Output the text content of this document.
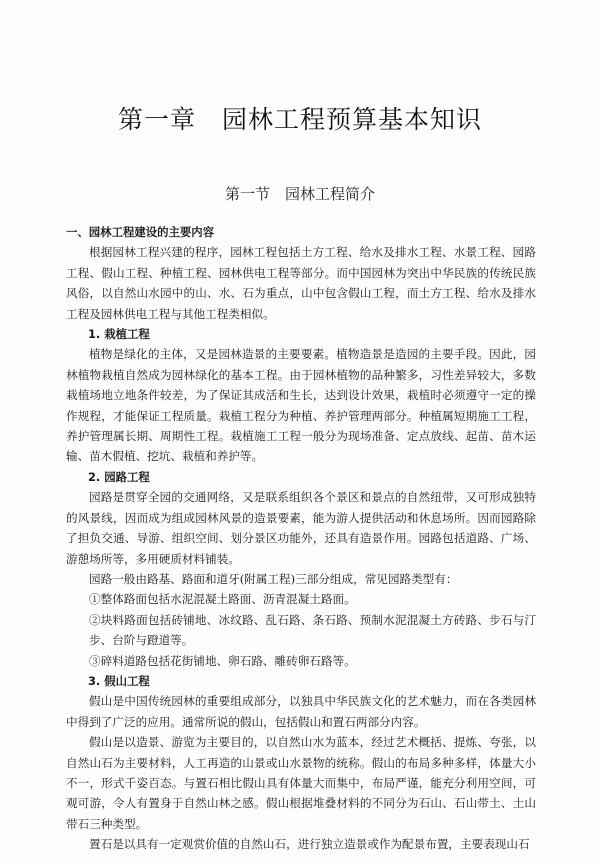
第一章　园林工程预算基本知识
第一节　园林工程简介

一、园林工程建设的主要内容

根据园林工程兴建的程序，园林工程包括土方工程、给水及排水工程、水景工程、园路工程、假山工程、种植工程、园林供电工程等部分。而中国园林为突出中华民族的传统民族风俗，以自然山水园中的山、水、石为重点，山中包含假山工程，而土方工程、给水及排水工程及园林供电工程与其他工程类相似。

1. 栽植工程

植物是绿化的主体，又是园林造景的主要要素。植物造景是造园的主要手段。因此，园林植物栽植自然成为园林绿化的基本工程。由于园林植物的品种繁多，习性差异较大，多数栽植场地立地条件较差，为了保证其成活和生长，达到设计效果，栽植时必须遵守一定的操作规程，才能保证工程质量。栽植工程分为种植、养护管理两部分。种植属短期施工工程，养护管理属长期、周期性工程。栽植施工工程一般分为现场准备、定点放线、起苗、苗木运输、苗木假植、挖坑、栽植和养护等。

2. 园路工程

园路是贯穿全园的交通网络，又是联系组织各个景区和景点的自然纽带，又可形成独特的风景线，因而成为组成园林风景的造景要素，能为游人提供活动和休息场所。因而园路除了担负交通、导游、组织空间、划分景区功能外，还具有造景作用。园路包括道路、广场、游憩场所等，多用硬质材料铺装。

园路一般由路基、路面和道牙(附属工程)三部分组成，常见园路类型有：

①整体路面包括水泥混凝土路面、沥青混凝土路面。

②块料路面包括砖铺地、冰纹路、乱石路、条石路、预制水泥混凝土方砖路、步石与汀步、台阶与蹬道等。

③碎料道路包括花街铺地、卵石路、雕砖卵石路等。

3. 假山工程

假山是中国传统园林的重要组成部分，以独具中华民族文化的艺术魅力，而在各类园林中得到了广泛的应用。通常所说的假山，包括假山和置石两部分内容。

假山是以造景、游览为主要目的，以自然山水为蓝本，经过艺术概括、提炼、夸张，以自然山石为主要材料，人工再造的山景或山水景物的统称。假山的布局多种多样，体量大小不一，形式千姿百态。与置石相比假山具有体量大而集中，布局严谨，能充分利用空间，可观可游，令人有置身于自然山林之感。假山根据堆叠材料的不同分为石山、石山带土、土山带石三种类型。

置石是以具有一定观赏价值的自然山石，进行独立造景或作为配景布置，主要表现山石
